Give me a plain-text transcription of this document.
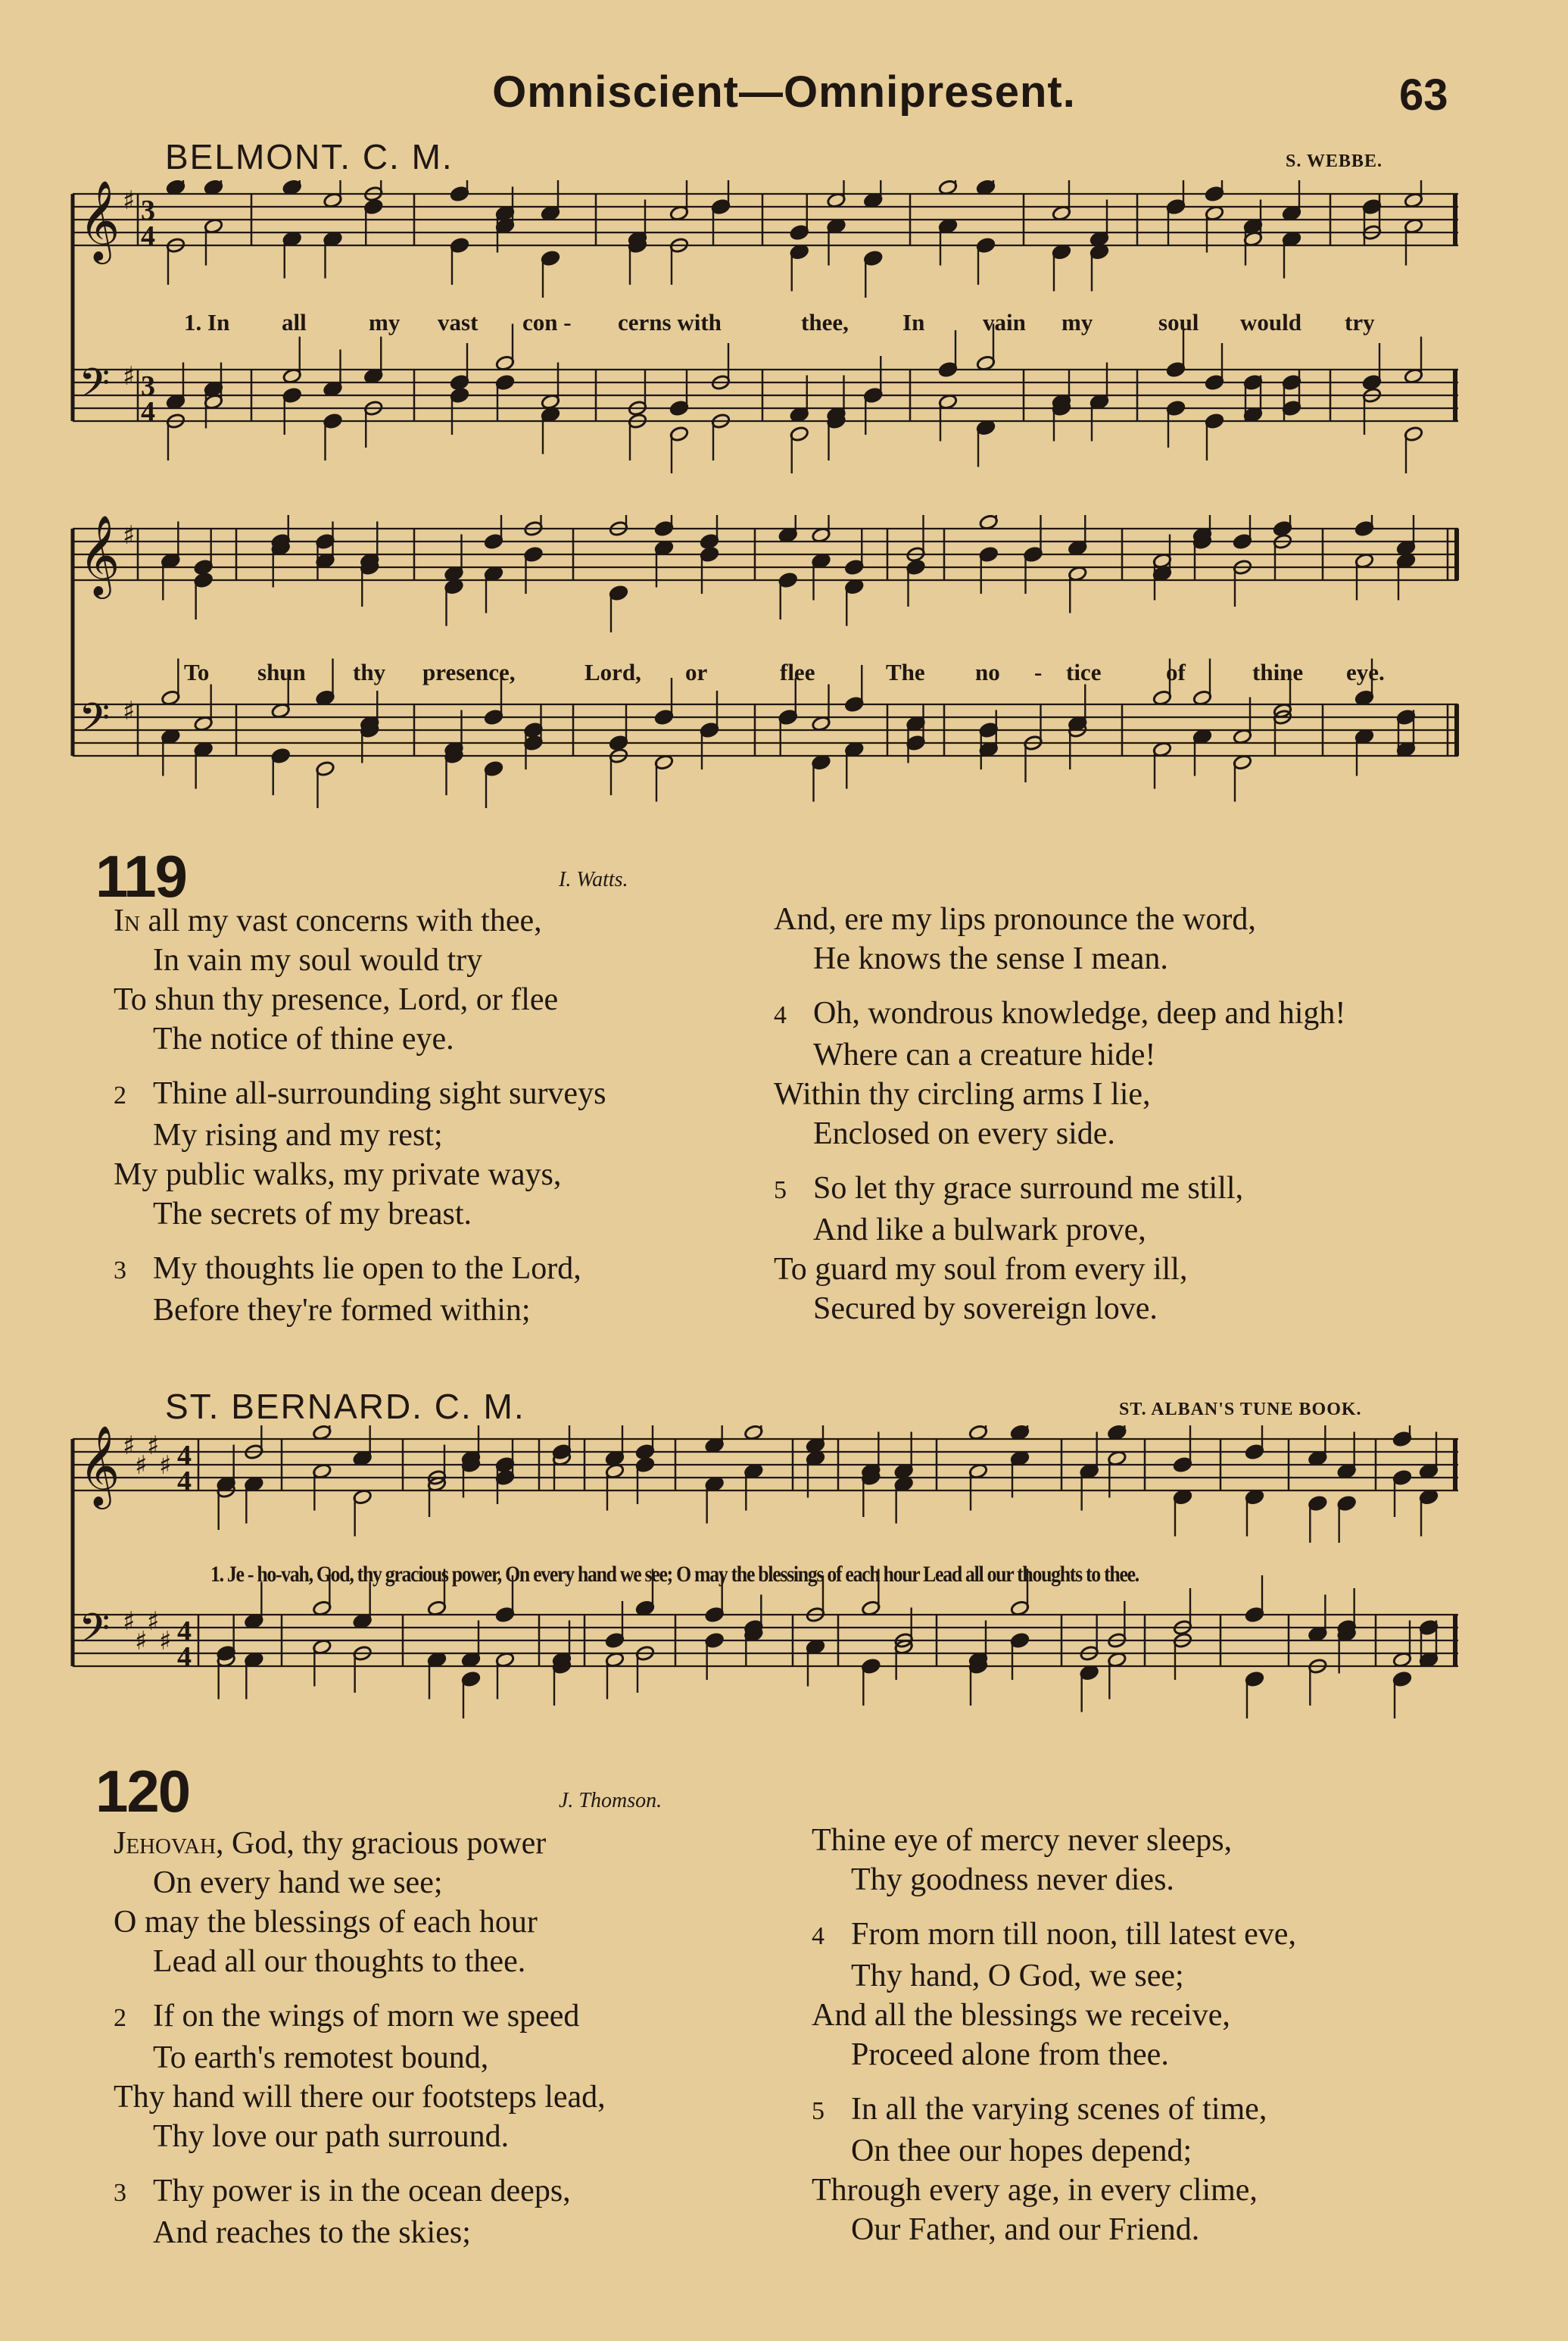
Omniscient—Omnipresent.	63
BELMONT. C. M.	S. WEBBE.
𝄞 ♯ 3
4
𝄢 ♯ 3
4
1. In all	my vast con - cerns with	thee, In vain my	soul would try
𝄞 ♯
𝄢 ♯
To shun thy presence,	Lord, or	flee	The no - tice	of	thine eye.
119	I. Watts.
In all my vast concerns with thee,
In vain my soul would try
To shun thy presence, Lord, or flee
The notice of thine eye.
2 Thine all-surrounding sight surveys
My rising and my rest;
My public walks, my private ways,
The secrets of my breast.
3 My thoughts lie open to the Lord,
Before they're formed within;
And, ere my lips pronounce the word,
He knows the sense I mean.
4 Oh, wondrous knowledge, deep and high!
Where can a creature hide!
Within thy circling arms I lie,
Enclosed on every side.
5 So let thy grace surround me still,
And like a bulwark prove,
To guard my soul from every ill,
Secured by sovereign love.
ST. BERNARD. C. M.	ST. ALBAN'S TUNE BOOK.
𝄞 ♯
♯
♯
♯ 4
4
𝄢 ♯
♯
♯
♯ 4
4
1. Je - ho-vah, God, thy gracious power, On every hand we see; O may the blessings of each hour Lead all our thoughts to thee.
120	J. Thomson.
Jehovah, God, thy gracious power
On every hand we see;
O may the blessings of each hour
Lead all our thoughts to thee.
2 If on the wings of morn we speed
To earth's remotest bound,
Thy hand will there our footsteps lead,
Thy love our path surround.
3 Thy power is in the ocean deeps,
And reaches to the skies;
Thine eye of mercy never sleeps,
Thy goodness never dies.
4 From morn till noon, till latest eve,
Thy hand, O God, we see;
And all the blessings we receive,
Proceed alone from thee.
5 In all the varying scenes of time,
On thee our hopes depend;
Through every age, in every clime,
Our Father, and our Friend.
